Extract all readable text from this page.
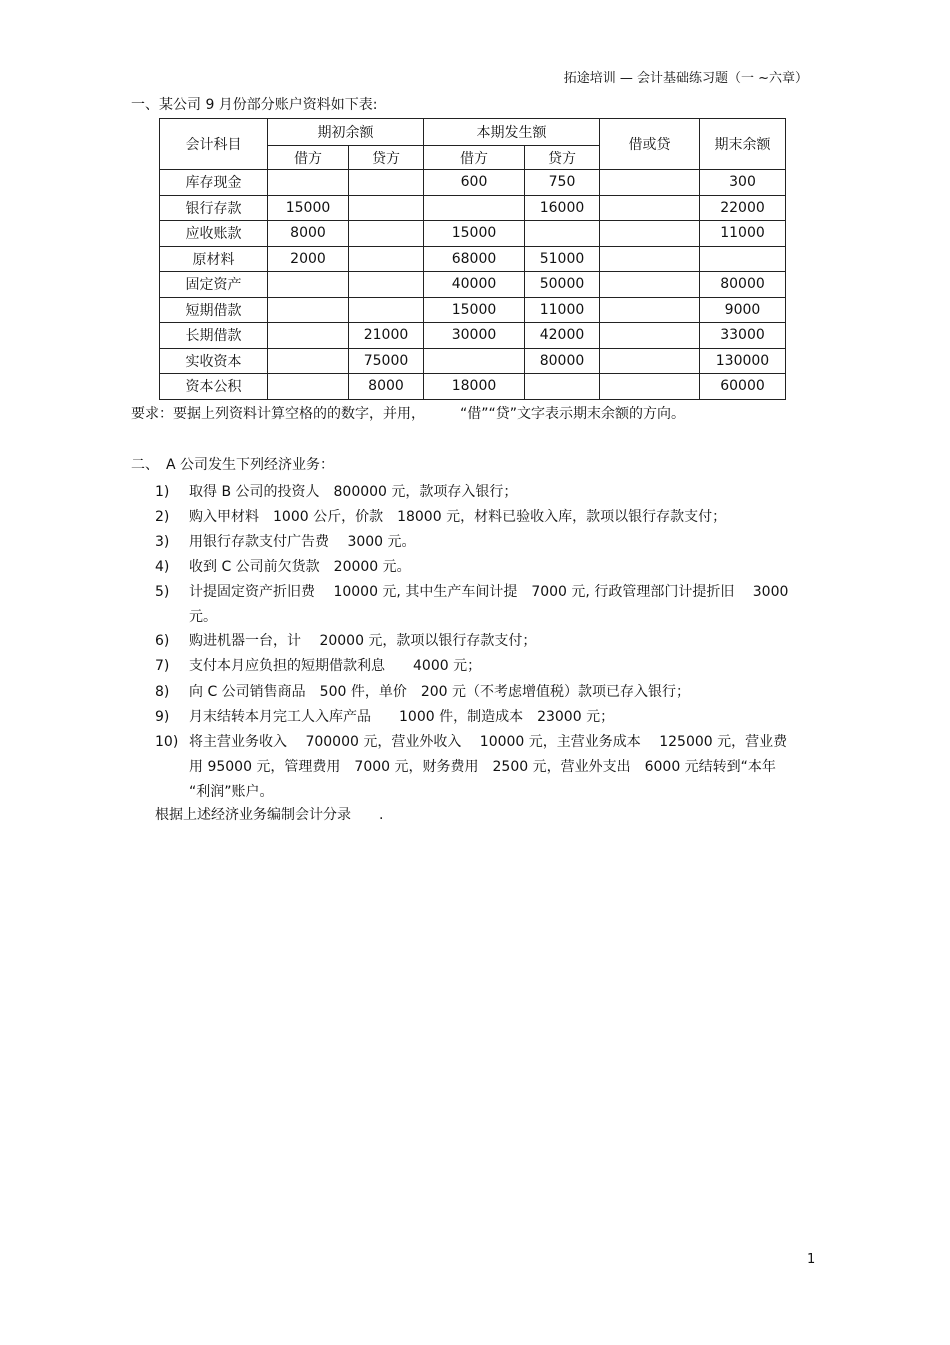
拓途培训 — 会计基础练习题（一 ~六章）
一、某公司 9 月份部分账户资料如下表:
会计科目	期初余额		本期发生额		借或贷	期末余额
	借方	贷方	借方	贷方		
库存现金			600	750		300
银行存款	15000			16000		22000
应收账款	8000		15000			11000
原材料	2000		68000	51000		
固定资产			40000	50000		80000
短期借款			15000	11000		9000
长期借款		21000	30000	42000		33000
实收资本		75000		80000		130000
资本公积		8000	18000			60000
要求：要据上列资料计算空格的的数字，并用，　　　“借”“贷”文字表示期末余额的方向。
二、　A 公司发生下列经济业务：
1) 取得 B 公司的投资人　800000 元，款项存入银行；
2) 购入甲材料　1000 公斤，价款　18000 元，材料已验收入库，款项以银行存款支付；
3) 用银行存款支付广告费　 3000 元。
4) 收到 C 公司前欠货款　20000 元。
5) 计提固定资产折旧费　 10000 元, 其中生产车间计提　7000 元, 行政管理部门计提折旧　 3000
元。
6) 购进机器一台，计　 20000 元，款项以银行存款支付；
7) 支付本月应负担的短期借款利息　　4000 元；
8) 向 C 公司销售商品　500 件，单价　200 元（不考虑增值税）款项已存入银行；
9) 月末结转本月完工人入库产品　　1000 件，制造成本　23000 元；
10) 将主营业务收入　 700000 元，营业外收入　 10000 元，主营业务成本　 125000 元，营业费
用 95000 元，管理费用　7000 元，财务费用　2500 元，营业外支出　6000 元结转到“本年
“利润”账户。
根据上述经济业务编制会计分录　　.
1
